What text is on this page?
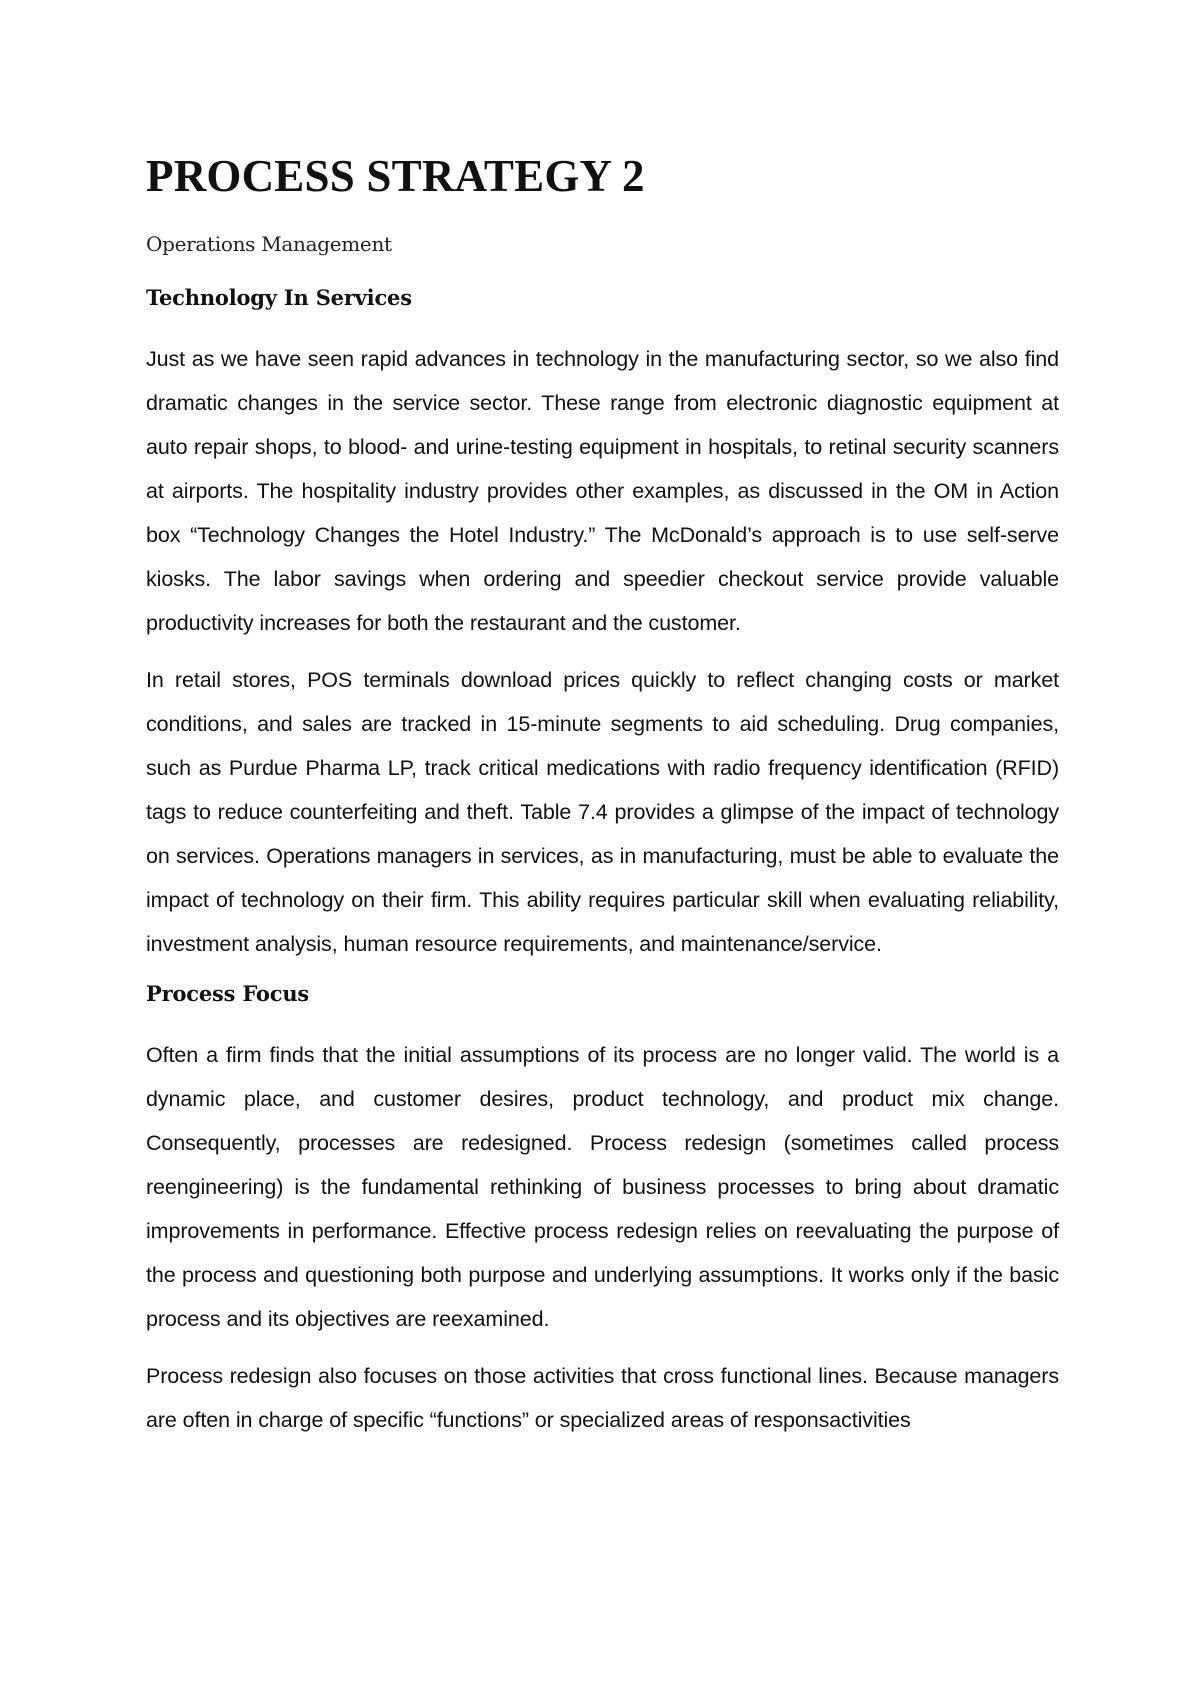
PROCESS STRATEGY 2
Operations Management
Technology In Services

Just as we have seen rapid advances in technology in the manufacturing sector, so we also find dramatic changes in the service sector. These range from electronic diagnostic equipment at auto repair shops, to blood- and urine-testing equipment in hospitals, to retinal security scanners at airports. The hospitality industry provides other examples, as discussed in the OM in Action box “Technology Changes the Hotel Industry.” The McDonald’s approach is to use self-serve kiosks. The labor savings when ordering and speedier checkout service provide valuable productivity increases for both the restaurant and the customer.

In retail stores, POS terminals download prices quickly to reflect changing costs or market conditions, and sales are tracked in 15-minute segments to aid scheduling. Drug companies, such as Purdue Pharma LP, track critical medications with radio frequency identification (RFID) tags to reduce counterfeiting and theft. Table 7.4 provides a glimpse of the impact of technology on services. Operations managers in services, as in manufacturing, must be able to evaluate the impact of technology on their firm. This ability requires particular skill when evaluating reliability, investment analysis, human resource requirements, and maintenance/service.

Process Focus

Often a firm finds that the initial assumptions of its process are no longer valid. The world is a dynamic place, and customer desires, product technology, and product mix change. Consequently, processes are redesigned. Process redesign (sometimes called process reengineering) is the fundamental rethinking of business processes to bring about dramatic improvements in performance. Effective process redesign relies on reevaluating the purpose of the process and questioning both purpose and underlying assumptions. It works only if the basic process and its objectives are reexamined.

Process redesign also focuses on those activities that cross functional lines. Because managers are often in charge of specific “functions” or specialized areas of responsactivities
